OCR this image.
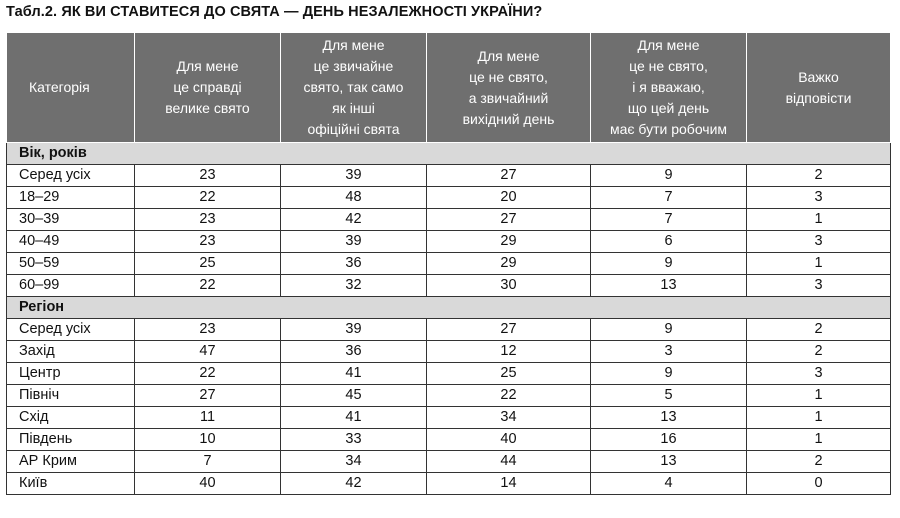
Табл.2. ЯК ВИ СТАВИТЕСЯ ДО СВЯТА — ДЕНЬ НЕЗАЛЕЖНОСТІ УКРАЇНИ?
Категорія	Для мене
це справді
велике свято	Для мене
це звичайне
свято, так само
як інші
офіційні свята	Для мене
це не свято,
а звичайний
вихідний день	Для мене
це не свято,
і я вважаю,
що цей день
має бути робочим	Важко
відповісти
Вік, років					
Серед усіх	23	39	27	9	2
18–29	22	48	20	7	3
30–39	23	42	27	7	1
40–49	23	39	29	6	3
50–59	25	36	29	9	1
60–99	22	32	30	13	3
Регіон					
Серед усіх	23	39	27	9	2
Захід	47	36	12	3	2
Центр	22	41	25	9	3
Північ	27	45	22	5	1
Схід	11	41	34	13	1
Південь	10	33	40	16	1
АР Крим	7	34	44	13	2
Київ	40	42	14	4	0
